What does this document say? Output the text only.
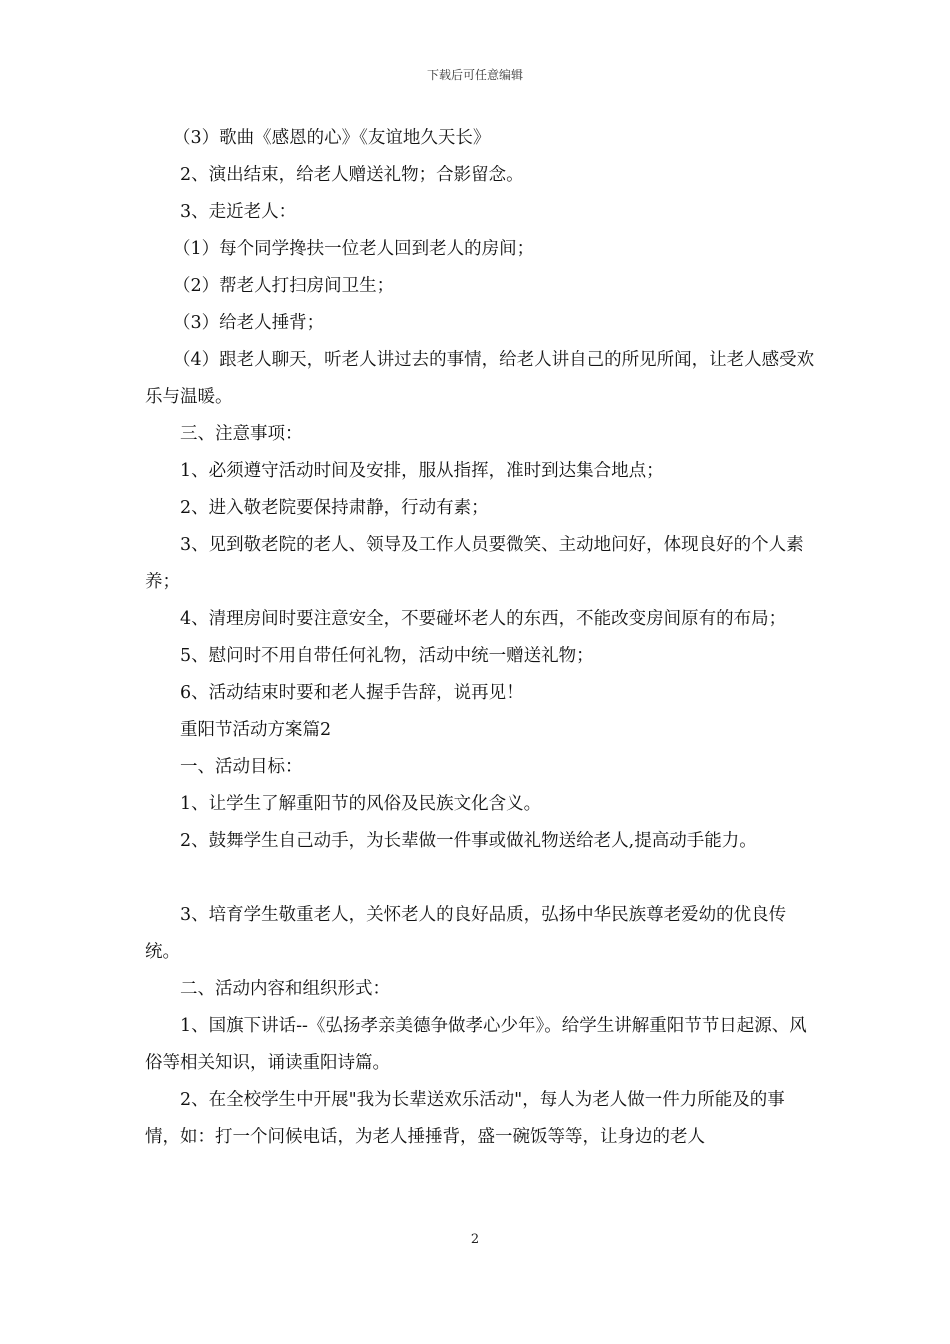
下载后可任意编辑

（3）歌曲《感恩的心》《友谊地久天长》

2、演出结束，给老人赠送礼物；合影留念。

3、走近老人：

（1）每个同学搀扶一位老人回到老人的房间；

（2）帮老人打扫房间卫生；

（3）给老人捶背；

（4）跟老人聊天，听老人讲过去的事情，给老人讲自己的所见所闻，让老人感受欢乐与温暖。

三、注意事项：

1、必须遵守活动时间及安排，服从指挥，准时到达集合地点；

2、进入敬老院要保持肃静，行动有素；

3、见到敬老院的老人、领导及工作人员要微笑、主动地问好，体现良好的个人素养；

4、清理房间时要注意安全，不要碰坏老人的东西，不能改变房间原有的布局；

5、慰问时不用自带任何礼物，活动中统一赠送礼物；

6、活动结束时要和老人握手告辞，说再见！

重阳节活动方案篇2

一、活动目标：

1、让学生了解重阳节的风俗及民族文化含义。

2、鼓舞学生自己动手，为长辈做一件事或做礼物送给老人,提高动手能力。

3、培育学生敬重老人，关怀老人的良好品质，弘扬中华民族尊老爱幼的优良传统。

二、活动内容和组织形式：

1、国旗下讲话--《弘扬孝亲美德争做孝心少年》。给学生讲解重阳节节日起源、风俗等相关知识，诵读重阳诗篇。

2、在全校学生中开展"我为长辈送欢乐活动"，每人为老人做一件力所能及的事情，如：打一个问候电话，为老人捶捶背，盛一碗饭等等，让身边的老人

2
